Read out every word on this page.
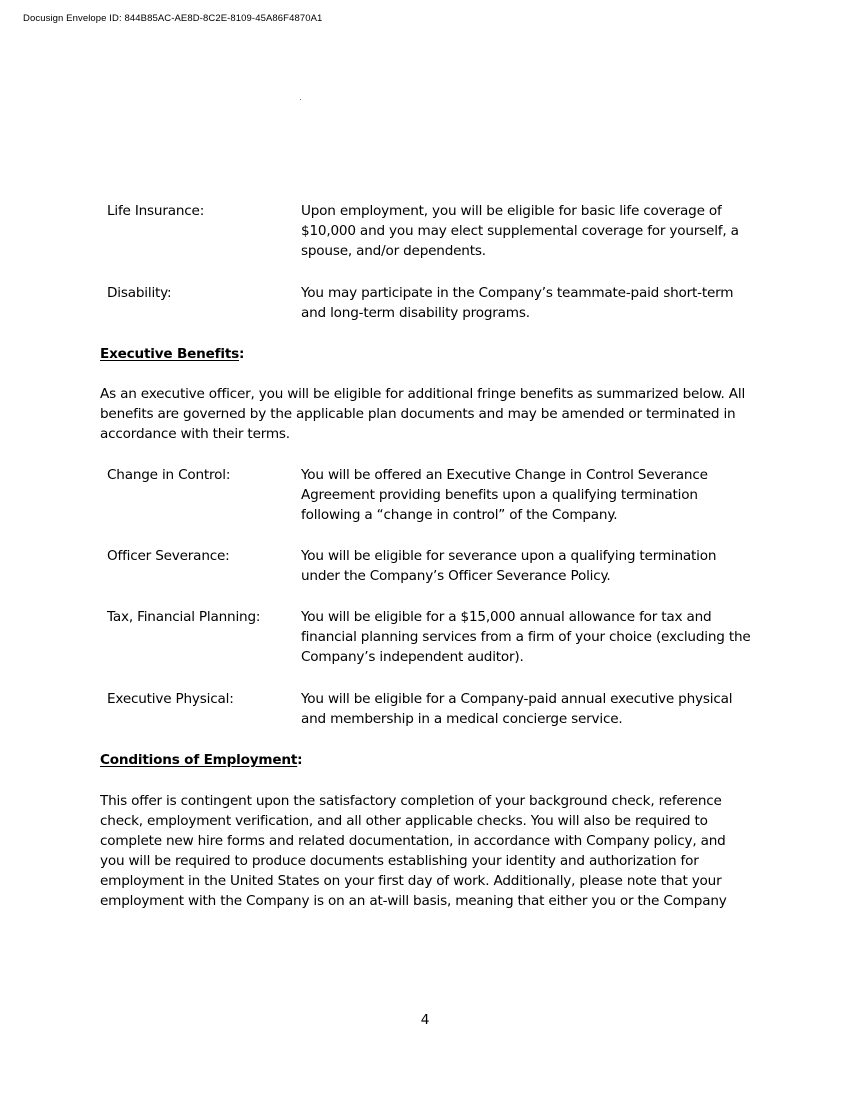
Docusign Envelope ID: 844B85AC-AE8D-8C2E-8109-45A86F4870A1
Life Insurance:	Upon employment, you will be eligible for basic life coverage of $10,000 and you may elect supplemental coverage for yourself, a spouse, and/or dependents.
Disability:	You may participate in the Company’s teammate-paid short-term and long-term disability programs.
Executive Benefits:
As an executive officer, you will be eligible for additional fringe benefits as summarized below. All benefits are governed by the applicable plan documents and may be amended or terminated in accordance with their terms.
Change in Control:	You will be offered an Executive Change in Control Severance Agreement providing benefits upon a qualifying termination following a “change in control” of the Company.
Officer Severance:	You will be eligible for severance upon a qualifying termination under the Company’s Officer Severance Policy.
Tax, Financial Planning:	You will be eligible for a $15,000 annual allowance for tax and financial planning services from a firm of your choice (excluding the Company’s independent auditor).
Executive Physical:	You will be eligible for a Company-paid annual executive physical and membership in a medical concierge service.
Conditions of Employment:
This offer is contingent upon the satisfactory completion of your background check, reference check, employment verification, and all other applicable checks. You will also be required to complete new hire forms and related documentation, in accordance with Company policy, and you will be required to produce documents establishing your identity and authorization for employment in the United States on your first day of work. Additionally, please note that your employment with the Company is on an at-will basis, meaning that either you or the Company
4
